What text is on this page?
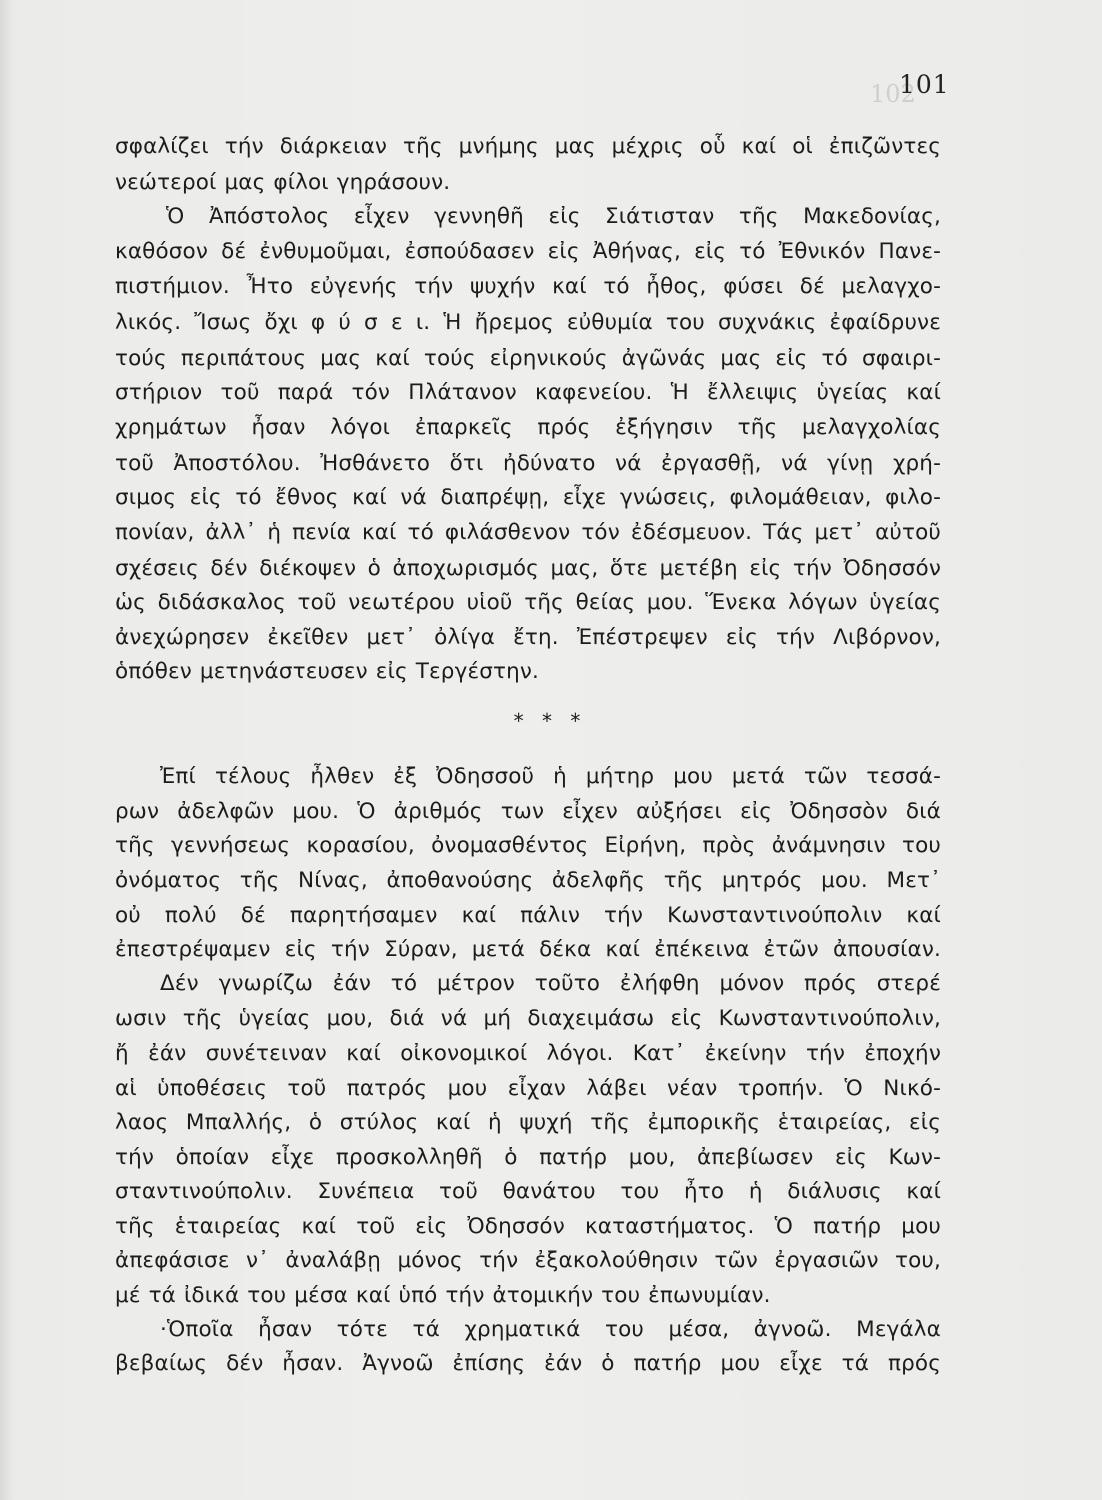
102
101
σφαλίζει τήν διάρκειαν τῆς μνήμης μας μέχρις οὗ καί οἱ ἐπιζῶντες
νεώτεροί μας φίλοι γηράσουν.
Ὁ Ἀπόστολος εἶχεν γεννηθῆ εἰς Σιάτισταν τῆς Μακεδονίας,
καθόσον δέ ἐνθυμοῦμαι, ἐσπούδασεν εἰς Ἀθήνας, εἰς τό Ἐθνικόν Πανε-
πιστήμιον. Ἦτο εὐγενής τήν ψυχήν καί τό ἦθος, φύσει δέ μελαγχο-
λικός. Ἴσως ὄχι φ ύ σ ε ι. Ἡ ἤρεμος εὐθυμία του συχνάκις ἐφαίδρυνε
τούς περιπάτους μας καί τούς εἰρηνικούς ἀγῶνάς μας εἰς τό σφαιρι-
στήριον τοῦ παρά τόν Πλάτανον καφενείου. Ἡ ἔλλειψις ὑγείας καί
χρημάτων ἦσαν λόγοι ἐπαρκεῖς πρός ἐξήγησιν τῆς μελαγχολίας
τοῦ Ἀποστόλου. Ἠσθάνετο ὅτι ἠδύνατο νά ἐργασθῇ, νά γίνῃ χρή-
σιμος εἰς τό ἔθνος καί νά διαπρέψῃ, εἶχε γνώσεις, φιλομάθειαν, φιλο-
πονίαν, ἀλλ᾽ ἡ πενία καί τό φιλάσθενον τόν ἐδέσμευον. Τάς μετ᾽ αὐτοῦ
σχέσεις δέν διέκοψεν ὁ ἀποχωρισμός μας, ὅτε μετέβη εἰς τήν Ὀδησσόν
ὡς διδάσκαλος τοῦ νεωτέρου υἱοῦ τῆς θείας μου. Ἕνεκα λόγων ὑγείας
ἀνεχώρησεν ἐκεῖθεν μετ᾽ ὀλίγα ἔτη. Ἐπέστρεψεν εἰς τήν Λιβόρνον,
ὁπόθεν μετηνάστευσεν εἰς Τεργέστην.
* * *
Ἐπί τέλους ἦλθεν ἐξ Ὀδησσοῦ ἡ μήτηρ μου μετά τῶν τεσσά-
ρων ἀδελφῶν μου. Ὁ ἀριθμός των εἶχεν αὐξήσει εἰς Ὀδησσὸν διά
τῆς γεννήσεως κορασίου, ὀνομασθέντος Εἰρήνη, πρὸς ἀνάμνησιν του
ὀνόματος τῆς Νίνας, ἀποθανούσης ἀδελφῆς τῆς μητρός μου. Μετ᾽
οὐ πολύ δέ παρητήσαμεν καί πάλιν τήν Κωνσταντινούπολιν καί
ἐπεστρέψαμεν εἰς τήν Σύραν, μετά δέκα καί ἐπέκεινα ἐτῶν ἀπουσίαν.
Δέν γνωρίζω ἐάν τό μέτρον τοῦτο ἐλήφθη μόνον πρός στερέ
ωσιν τῆς ὑγείας μου, διά νά μή διαχειμάσω εἰς Κωνσταντινούπολιν,
ἤ ἐάν συνέτειναν καί οἰκονομικοί λόγοι. Κατ᾽ ἐκείνην τήν ἐποχήν
αἱ ὑποθέσεις τοῦ πατρός μου εἶχαν λάβει νέαν τροπήν. Ὁ Νικό-
λαος Μπαλλής, ὁ στύλος καί ἡ ψυχή τῆς ἐμπορικῆς ἑταιρείας, εἰς
τήν ὁποίαν εἶχε προσκολληθῆ ὁ πατήρ μου, ἀπεβίωσεν εἰς Κων-
σταντινούπολιν. Συνέπεια τοῦ θανάτου του ἦτο ἡ διάλυσις καί
τῆς ἑταιρείας καί τοῦ εἰς Ὀδησσόν καταστήματος. Ὁ πατήρ μου
ἀπεφάσισε ν᾽ ἀναλάβῃ μόνος τήν ἐξακολούθησιν τῶν ἐργασιῶν του,
μέ τά ἰδικά του μέσα καί ὑπό τήν ἀτομικήν του ἐπωνυμίαν.
·Ὁποῖα ἦσαν τότε τά χρηματικά του μέσα, ἀγνοῶ. Μεγάλα
βεβαίως δέν ἦσαν. Ἀγνοῶ ἐπίσης ἐάν ὁ πατήρ μου εἶχε τά πρός
